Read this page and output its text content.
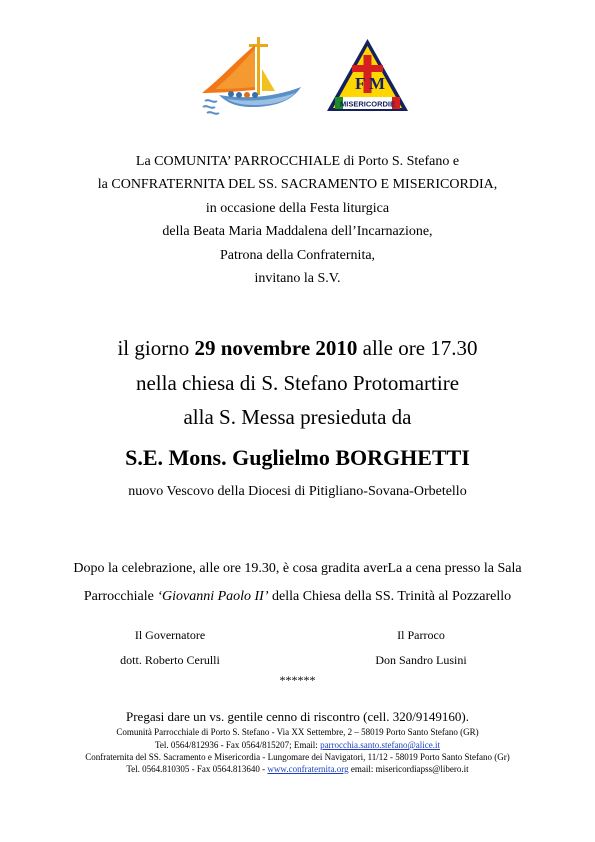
F M
MISERICORDIE
La COMUNITA’ PARROCCHIALE di Porto S. Stefano e
la CONFRATERNITA DEL SS. SACRAMENTO E MISERICORDIA,
in occasione della Festa liturgica
della Beata Maria Maddalena dell’Incarnazione,
Patrona della Confraternita,
invitano la S.V.
il giorno 29 novembre 2010 alle ore 17.30
nella chiesa di S. Stefano Protomartire
alla S. Messa presieduta da
S.E. Mons. Guglielmo BORGHETTI
nuovo Vescovo della Diocesi di Pitigliano-Sovana-Orbetello
Dopo la celebrazione, alle ore 19.30, è cosa gradita averLa a cena presso la Sala
Parrocchiale ‘Giovanni Paolo II’ della Chiesa della SS. Trinità al Pozzarello
Il Governatore
dott. Roberto Cerulli
Il Parroco
Don Sandro Lusini
******
Pregasi dare un vs. gentile cenno di riscontro (cell. 320/9149160).
Comunità Parrocchiale di Porto S. Stefano - Via XX Settembre, 2 – 58019 Porto Santo Stefano (GR)
Tel. 0564/812936 - Fax 0564/815207; Email: parrocchia.santo.stefano@alice.it
Confraternita del SS. Sacramento e Misericordia - Lungomare dei Navigatori, 11/12 - 58019 Porto Santo Stefano (Gr)
Tel. 0564.810305 - Fax 0564.813640 - www.confraternita.org email: misericordiapss@libero.it
